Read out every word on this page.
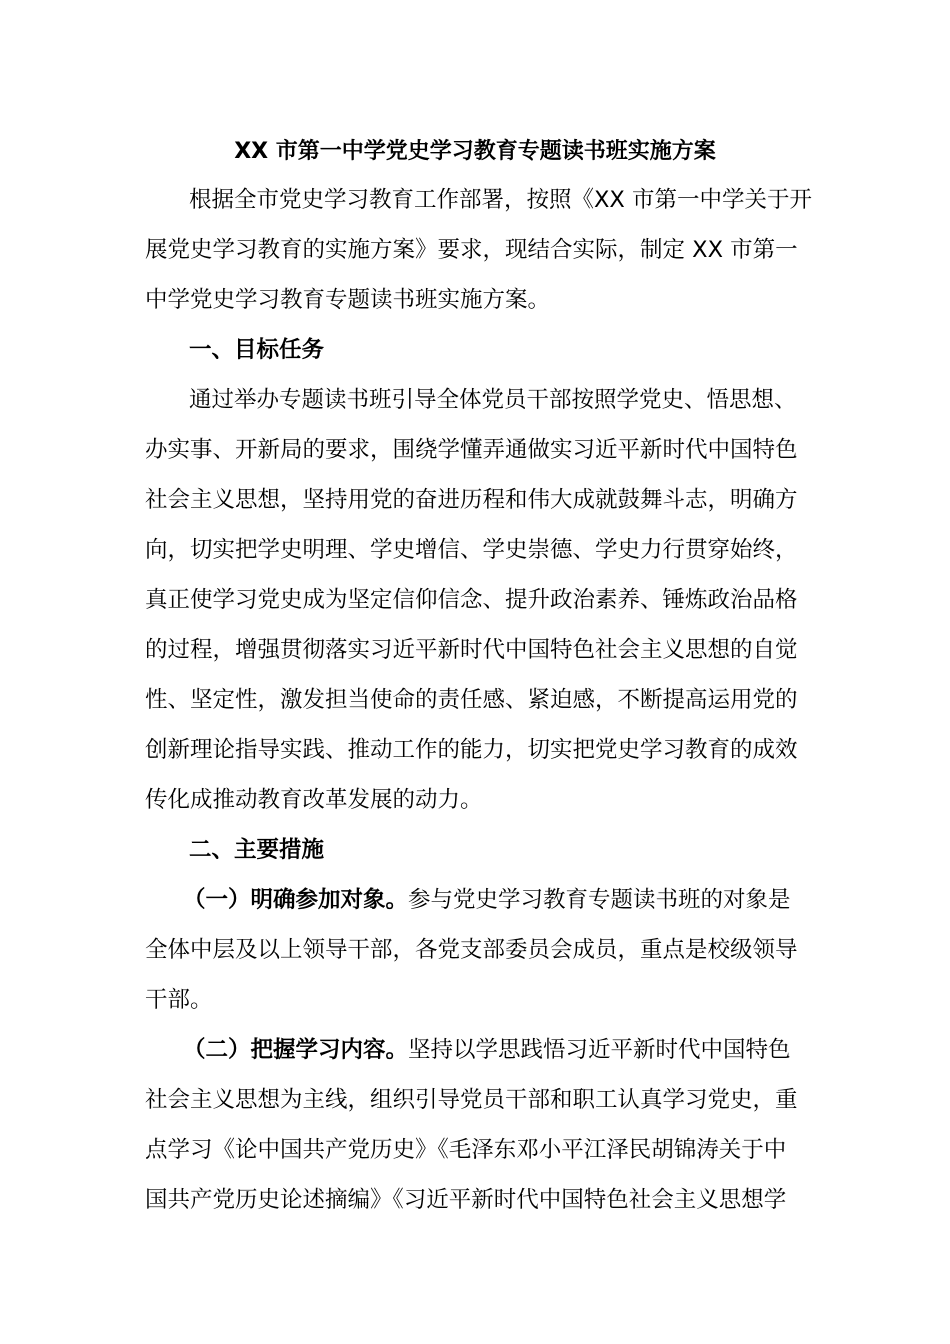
XX 市第一中学党史学习教育专题读书班实施方案
根据全市党史学习教育工作部署，按照《XX 市第一中学关于开
展党史学习教育的实施方案》要求，现结合实际，制定 XX 市第一
中学党史学习教育专题读书班实施方案。
一、目标任务
通过举办专题读书班引导全体党员干部按照学党史、悟思想、
办实事、开新局的要求，围绕学懂弄通做实习近平新时代中国特色
社会主义思想，坚持用党的奋进历程和伟大成就鼓舞斗志，明确方
向，切实把学史明理、学史增信、学史崇德、学史力行贯穿始终，
真正使学习党史成为坚定信仰信念、提升政治素养、锤炼政治品格
的过程，增强贯彻落实习近平新时代中国特色社会主义思想的自觉
性、坚定性，激发担当使命的责任感、紧迫感，不断提高运用党的
创新理论指导实践、推动工作的能力，切实把党史学习教育的成效
传化成推动教育改革发展的动力。
二、主要措施
（一）明确参加对象。参与党史学习教育专题读书班的对象是
全体中层及以上领导干部，各党支部委员会成员，重点是校级领导
干部。
（二）把握学习内容。坚持以学思践悟习近平新时代中国特色
社会主义思想为主线，组织引导党员干部和职工认真学习党史，重
点学习《论中国共产党历史》《毛泽东邓小平江泽民胡锦涛关于中
国共产党历史论述摘编》《习近平新时代中国特色社会主义思想学
